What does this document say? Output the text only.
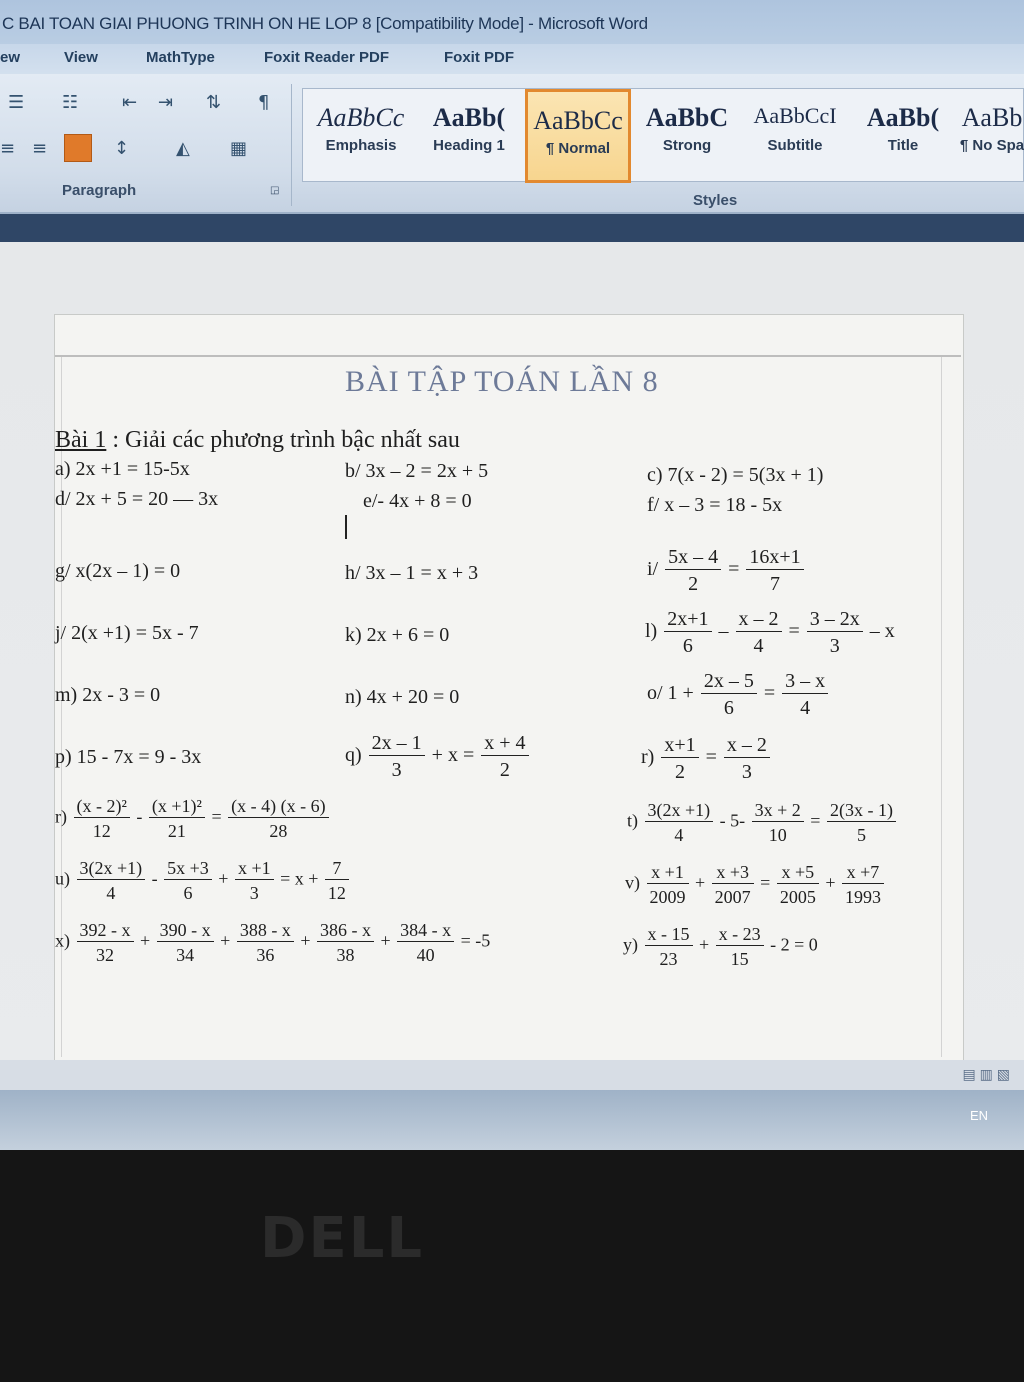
C BAI TOAN GIAI PHUONG TRINH ON HE LOP 8 [Compatibility Mode] - Microsoft Word
ew	View	MathType	Foxit Reader PDF	Foxit PDF
☰ ☷ ⇤ ⇥ ⇅ ¶
≡ ≡	↕	◭ ▦
Paragraph	◲
AaBbCc
Emphasis
AaBb(
Heading 1
AaBbCc
¶ Normal
AaBbC
Strong
AaBbCcI
Subtitle
AaBb(
Title
AaBb
¶ No Spa
Styles
BÀI TẬP TOÁN LẦN 8
Bài 1 : Giải các phương trình bậc nhất sau
a) 2x +1 = 15-5x	b/ 3x – 2 = 2x + 5	c) 7(x - 2) = 5(3x + 1)
d/ 2x + 5 = 20 — 3x	e/- 4x + 8 = 0	f/ x – 3 = 18 - 5x
g/ x(2x – 1) = 0	h/ 3x – 1 = x + 3	$i/ \frac{5x - 4}{2} = \frac{16x+1}{7}$
j/ 2(x +1) = 5x - 7	k) 2x + 6 = 0	$l) \frac{2x+1}{6} - \frac{x - 2}{4} = \frac{3 - 2x}{3} - x$
m) 2x - 3 = 0	n) 4x + 20 = 0	o/ $1 + \frac{2x - 5}{6} = \frac{3 - x}{4}$
p) 15 - 7x = 9 - 3x	$q) \frac{2x - 1}{3} + x = \frac{x + 4}{2}$	$r) \frac{x+1}{2} = \frac{x - 2}{3}$
$r) \frac{\text{(x - 2)²}}{12} - \frac{\text{(x +1)²}}{21} = \frac{(x - 4) (x - 6)}{28}$	$t) \frac{3(2x +1)}{4} - 5- \frac{3x + 2}{10} = \frac{2(3x - 1)}{5}$
$u) \frac{3(2x +1)}{4} - \frac{5x +3}{6} + \frac{x +1}{3} = x + \frac{7}{12}$	$v) \frac{x +1}{2009} + \frac{x +3}{2007} = \frac{x +5}{2005} + \frac{x +7}{1993}$
$x) \frac{392 - x}{32} + \frac{390 - x}{34} + \frac{388 - x}{36} + \frac{386 - x}{38} + \frac{384 - x}{40} = -5$	$y) \frac{x - 15}{23} + \frac{x - 23}{15} - 2 = 0$
▤ ▥ ▧
EN
DELL
